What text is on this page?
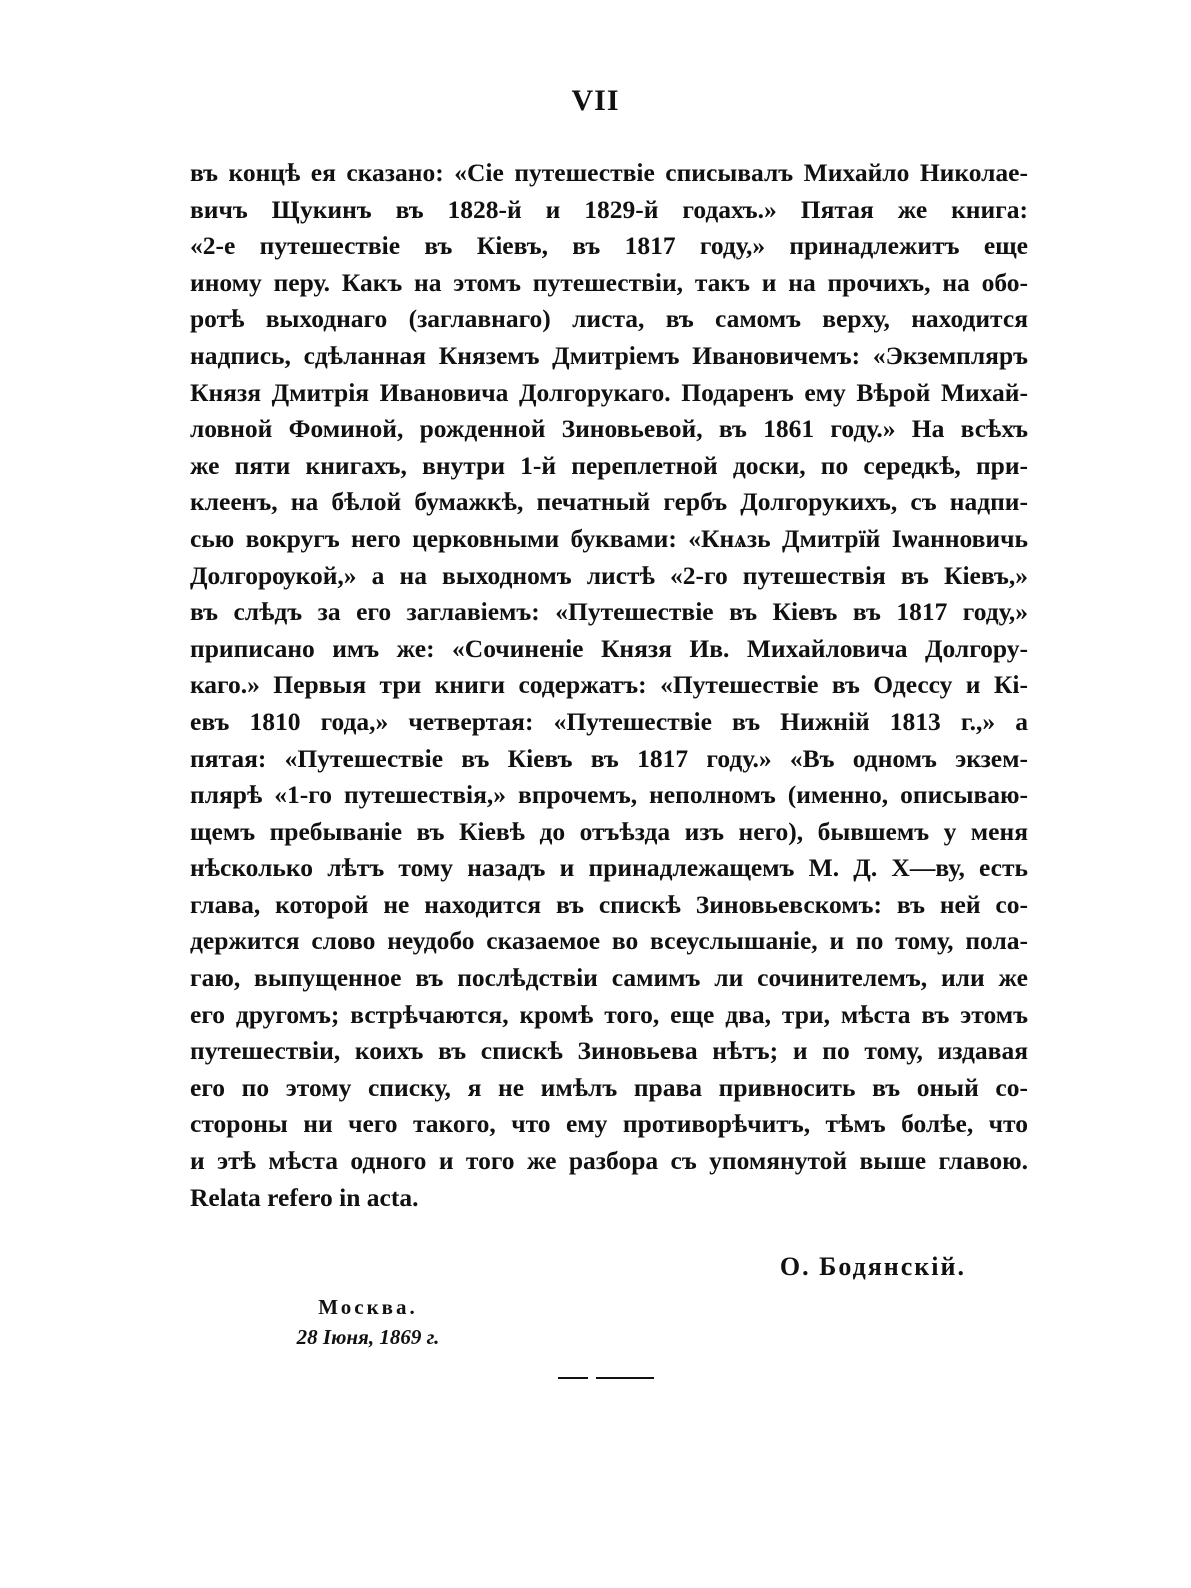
VII
въ концѣ ея сказано: «Сіе путешествіе списывалъ Михайло Николае-
вичъ Щукинъ въ 1828-й и 1829-й годахъ.» Пятая же книга:
«2-е путешествіе въ Кіевъ, въ 1817 году,» принадлежитъ еще
иному перу. Какъ на этомъ путешествіи, такъ и на прочихъ, на обо-
ротѣ выходнаго (заглавнаго) листа, въ самомъ верху, находится
надпись, сдѣланная Княземъ Дмитріемъ Ивановичемъ: «Экземпляръ
Князя Дмитрія Ивановича Долгорукаго. Подаренъ ему Вѣрой Михай-
ловной Фоминой, рожденной Зиновьевой, въ 1861 году.» На всѣхъ
же пяти книгахъ, внутри 1-й переплетной доски, по середкѣ, при-
клеенъ, на бѣлой бумажкѣ, печатный гербъ Долгорукихъ, съ надпи-
сью вокругъ него церковными буквами: «Кнѧзь Дмитрїй Іѡанновичь
Долгорѹкой,» а на выходномъ листѣ «2-го путешествія въ Кіевъ,»
въ слѣдъ за его заглавіемъ: «Путешествіе въ Кіевъ въ 1817 году,»
приписано имъ же: «Сочиненіе Князя Ив. Михайловича Долгору-
каго.» Первыя три книги содержатъ: «Путешествіе въ Одессу и Кі-
евъ 1810 года,» четвертая: «Путешествіе въ Нижній 1813 г.,» а
пятая: «Путешествіе въ Кіевъ въ 1817 году.» «Въ одномъ экзем-
плярѣ «1-го путешествія,» впрочемъ, неполномъ (именно, описываю-
щемъ пребываніе въ Кіевѣ до отъѣзда изъ него), бывшемъ у меня
нѣсколько лѣтъ тому назадъ и принадлежащемъ М. Д. Х—ву, есть
глава, которой не находится въ спискѣ Зиновьевскомъ: въ ней со-
держится слово неудобо сказаемое во всеуслышаніе, и по тому, пола-
гаю, выпущенное въ послѣдствіи самимъ ли сочинителемъ, или же
его другомъ; встрѣчаются, кромѣ того, еще два, три, мѣста въ этомъ
путешествіи, коихъ въ спискѣ Зиновьева нѣтъ; и по тому, издавая
его по этому списку, я не имѣлъ права привносить въ оный со-
стороны ни чего такого, что ему противорѣчитъ, тѣмъ болѣе, что
и этѣ мѣста одного и того же разбора съ упомянутой выше главою.
Relata refero in acta.
О. Бодянскій.
Москва.
28 Іюня, 1869 г.
